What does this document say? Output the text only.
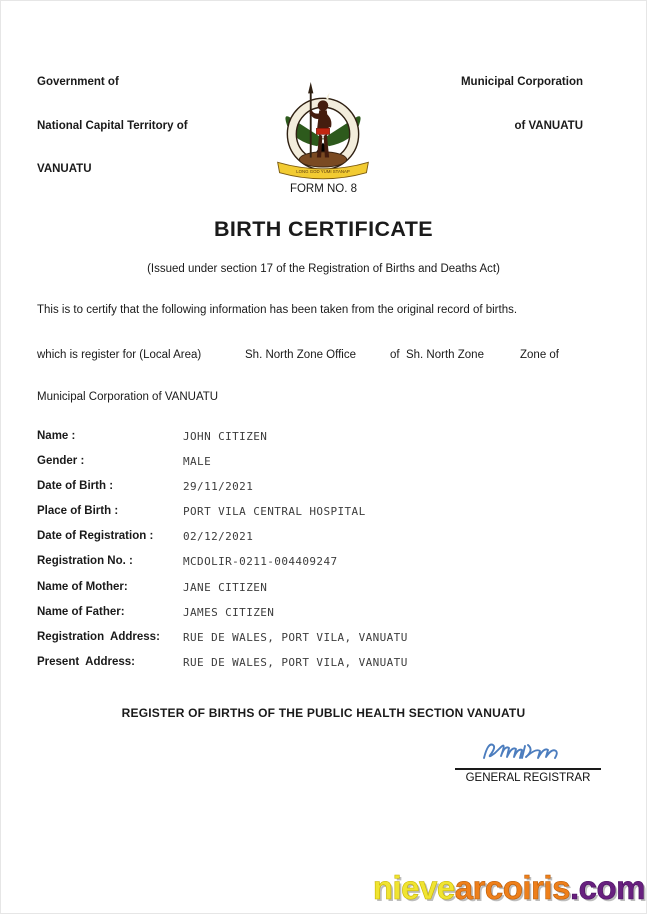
Government of

National Capital Territory of

VANUATU

Municipal Corporation

of VANUATU

LONG GOD YUMI STANAP
FORM NO. 8
BIRTH CERTIFICATE
(Issued under section 17 of the Registration of Births and Deaths Act)
This is to certify that the following information has been taken from the original record of births.
which is register for (Local Area)	Sh. North Zone Office	of  Sh. North Zone	Zone of
Municipal Corporation of VANUATU
Name :	JOHN CITIZEN
Gender :	MALE
Date of Birth :	29/11/2021
Place of Birth :	PORT VILA CENTRAL HOSPITAL
Date of Registration :	02/12/2021
Registration No. :	MCDOLIR-0211-004409247
Name of Mother:	JANE CITIZEN
Name of Father:	JAMES CITIZEN
Registration  Address:	RUE DE WALES, PORT VILA, VANUATU
Present  Address:	RUE DE WALES, PORT VILA, VANUATU
REGISTER OF BIRTHS OF THE PUBLIC HEALTH SECTION VANUATU
GENERAL REGISTRAR
nievearcoiris.com
